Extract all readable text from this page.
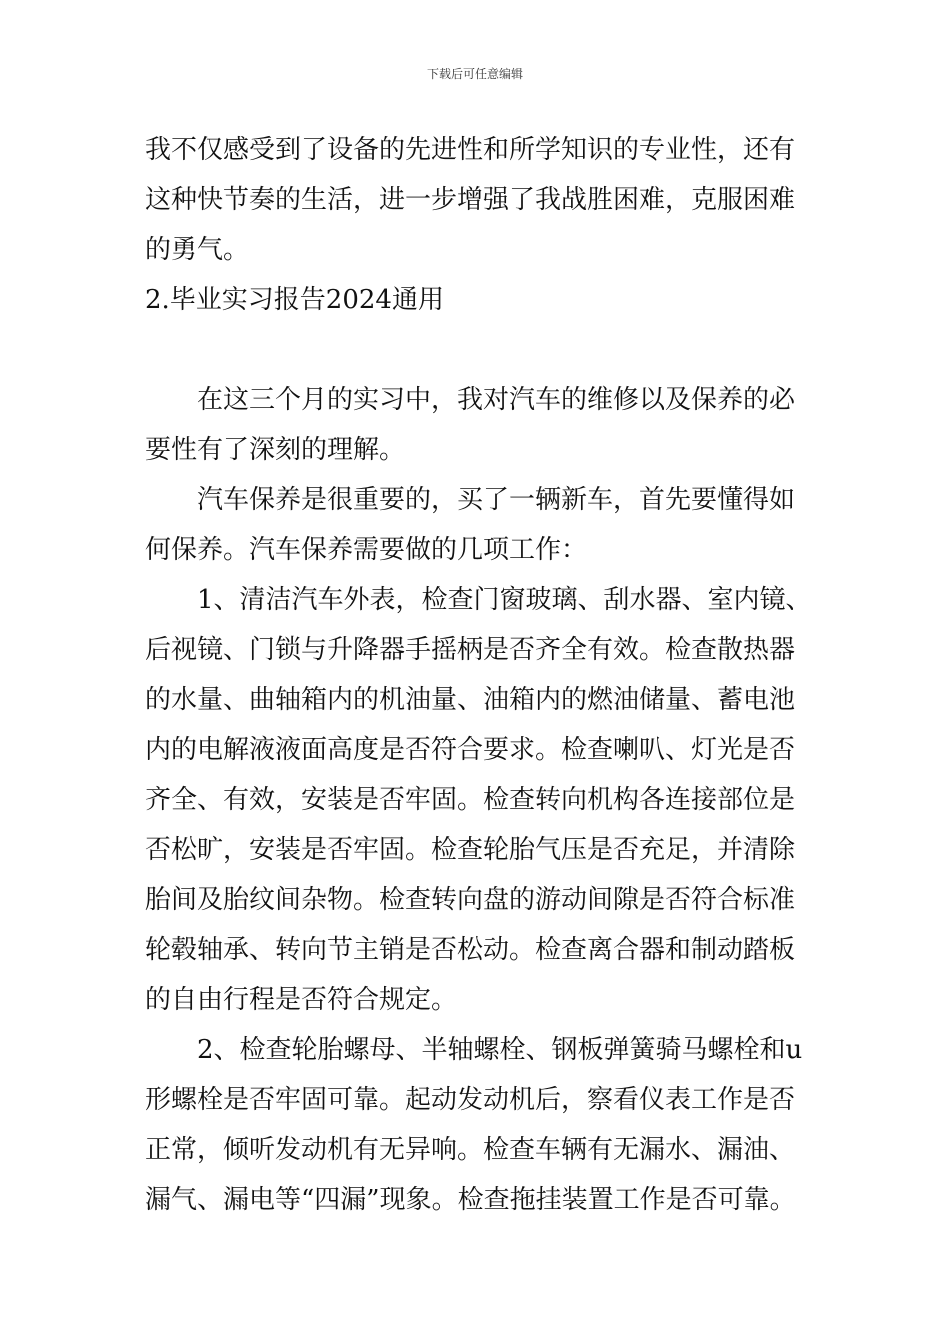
下载后可任意编辑
我不仅感受到了设备的先进性和所学知识的专业性，还有
这种快节奏的生活，进一步增强了我战胜困难，克服困难
的勇气。
2.毕业实习报告2024通用
在这三个月的实习中，我对汽车的维修以及保养的必
要性有了深刻的理解。
汽车保养是很重要的，买了一辆新车，首先要懂得如
何保养。汽车保养需要做的几项工作：
1、清洁汽车外表，检查门窗玻璃、刮水器、室内镜、
后视镜、门锁与升降器手摇柄是否齐全有效。检查散热器
的水量、曲轴箱内的机油量、油箱内的燃油储量、蓄电池
内的电解液液面高度是否符合要求。检查喇叭、灯光是否
齐全、有效，安装是否牢固。检查转向机构各连接部位是
否松旷，安装是否牢固。检查轮胎气压是否充足，并清除
胎间及胎纹间杂物。检查转向盘的游动间隙是否符合标准
轮毂轴承、转向节主销是否松动。检查离合器和制动踏板
的自由行程是否符合规定。
2、检查轮胎螺母、半轴螺栓、钢板弹簧骑马螺栓和u
形螺栓是否牢固可靠。起动发动机后，察看仪表工作是否
正常，倾听发动机有无异响。检查车辆有无漏水、漏油、
漏气、漏电等“四漏”现象。检查拖挂装置工作是否可靠。
